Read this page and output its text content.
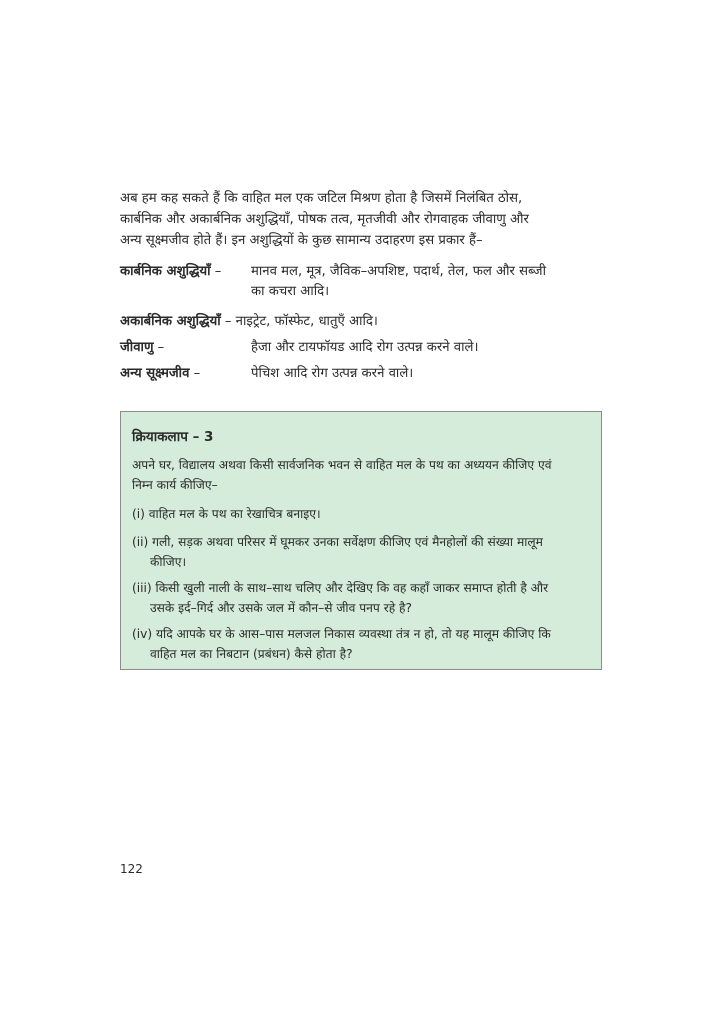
अब हम कह सकते हैं कि वाहित मल एक जटिल मिश्रण होता है जिसमें निलंबित ठोस,
कार्बनिक और अकार्बनिक अशुद्धियाँ, पोषक तत्व, मृतजीवी और रोगवाहक जीवाणु और
अन्य सूक्ष्मजीव होते हैं। इन अशुद्धियों के कुछ सामान्य उदाहरण इस प्रकार हैं–
कार्बनिक अशुद्धियाँ – मानव मल, मूत्र, जैविक–अपशिष्ट, पदार्थ, तेल, फल और सब्जी
का कचरा आदि।
अकार्बनिक अशुद्धियाँ – नाइट्रेट, फॉस्फेट, धातुएँ आदि।
जीवाणु –	हैजा और टायफॉयड आदि रोग उत्पन्न करने वाले।
अन्य सूक्ष्मजीव –	पेचिश आदि रोग उत्पन्न करने वाले।
क्रियाकलाप – 3
अपने घर, विद्यालय अथवा किसी सार्वजनिक भवन से वाहित मल के पथ का अध्ययन कीजिए एवं
निम्न कार्य कीजिए–
(i) वाहित मल के पथ का रेखाचित्र बनाइए।
(ii) गली, सड़क अथवा परिसर में घूमकर उनका सर्वेक्षण कीजिए एवं मैनहोलों की संख्या मालूम
कीजिए।
(iii) किसी खुली नाली के साथ–साथ चलिए और देखिए कि वह कहाँ जाकर समाप्त होती है और
उसके इर्द–गिर्द और उसके जल में कौन–से जीव पनप रहे है?
(iv) यदि आपके घर के आस–पास मलजल निकास व्यवस्था तंत्र न हो, तो यह मालूम कीजिए कि
वाहित मल का निबटान (प्रबंधन) कैसे होता है?
122
